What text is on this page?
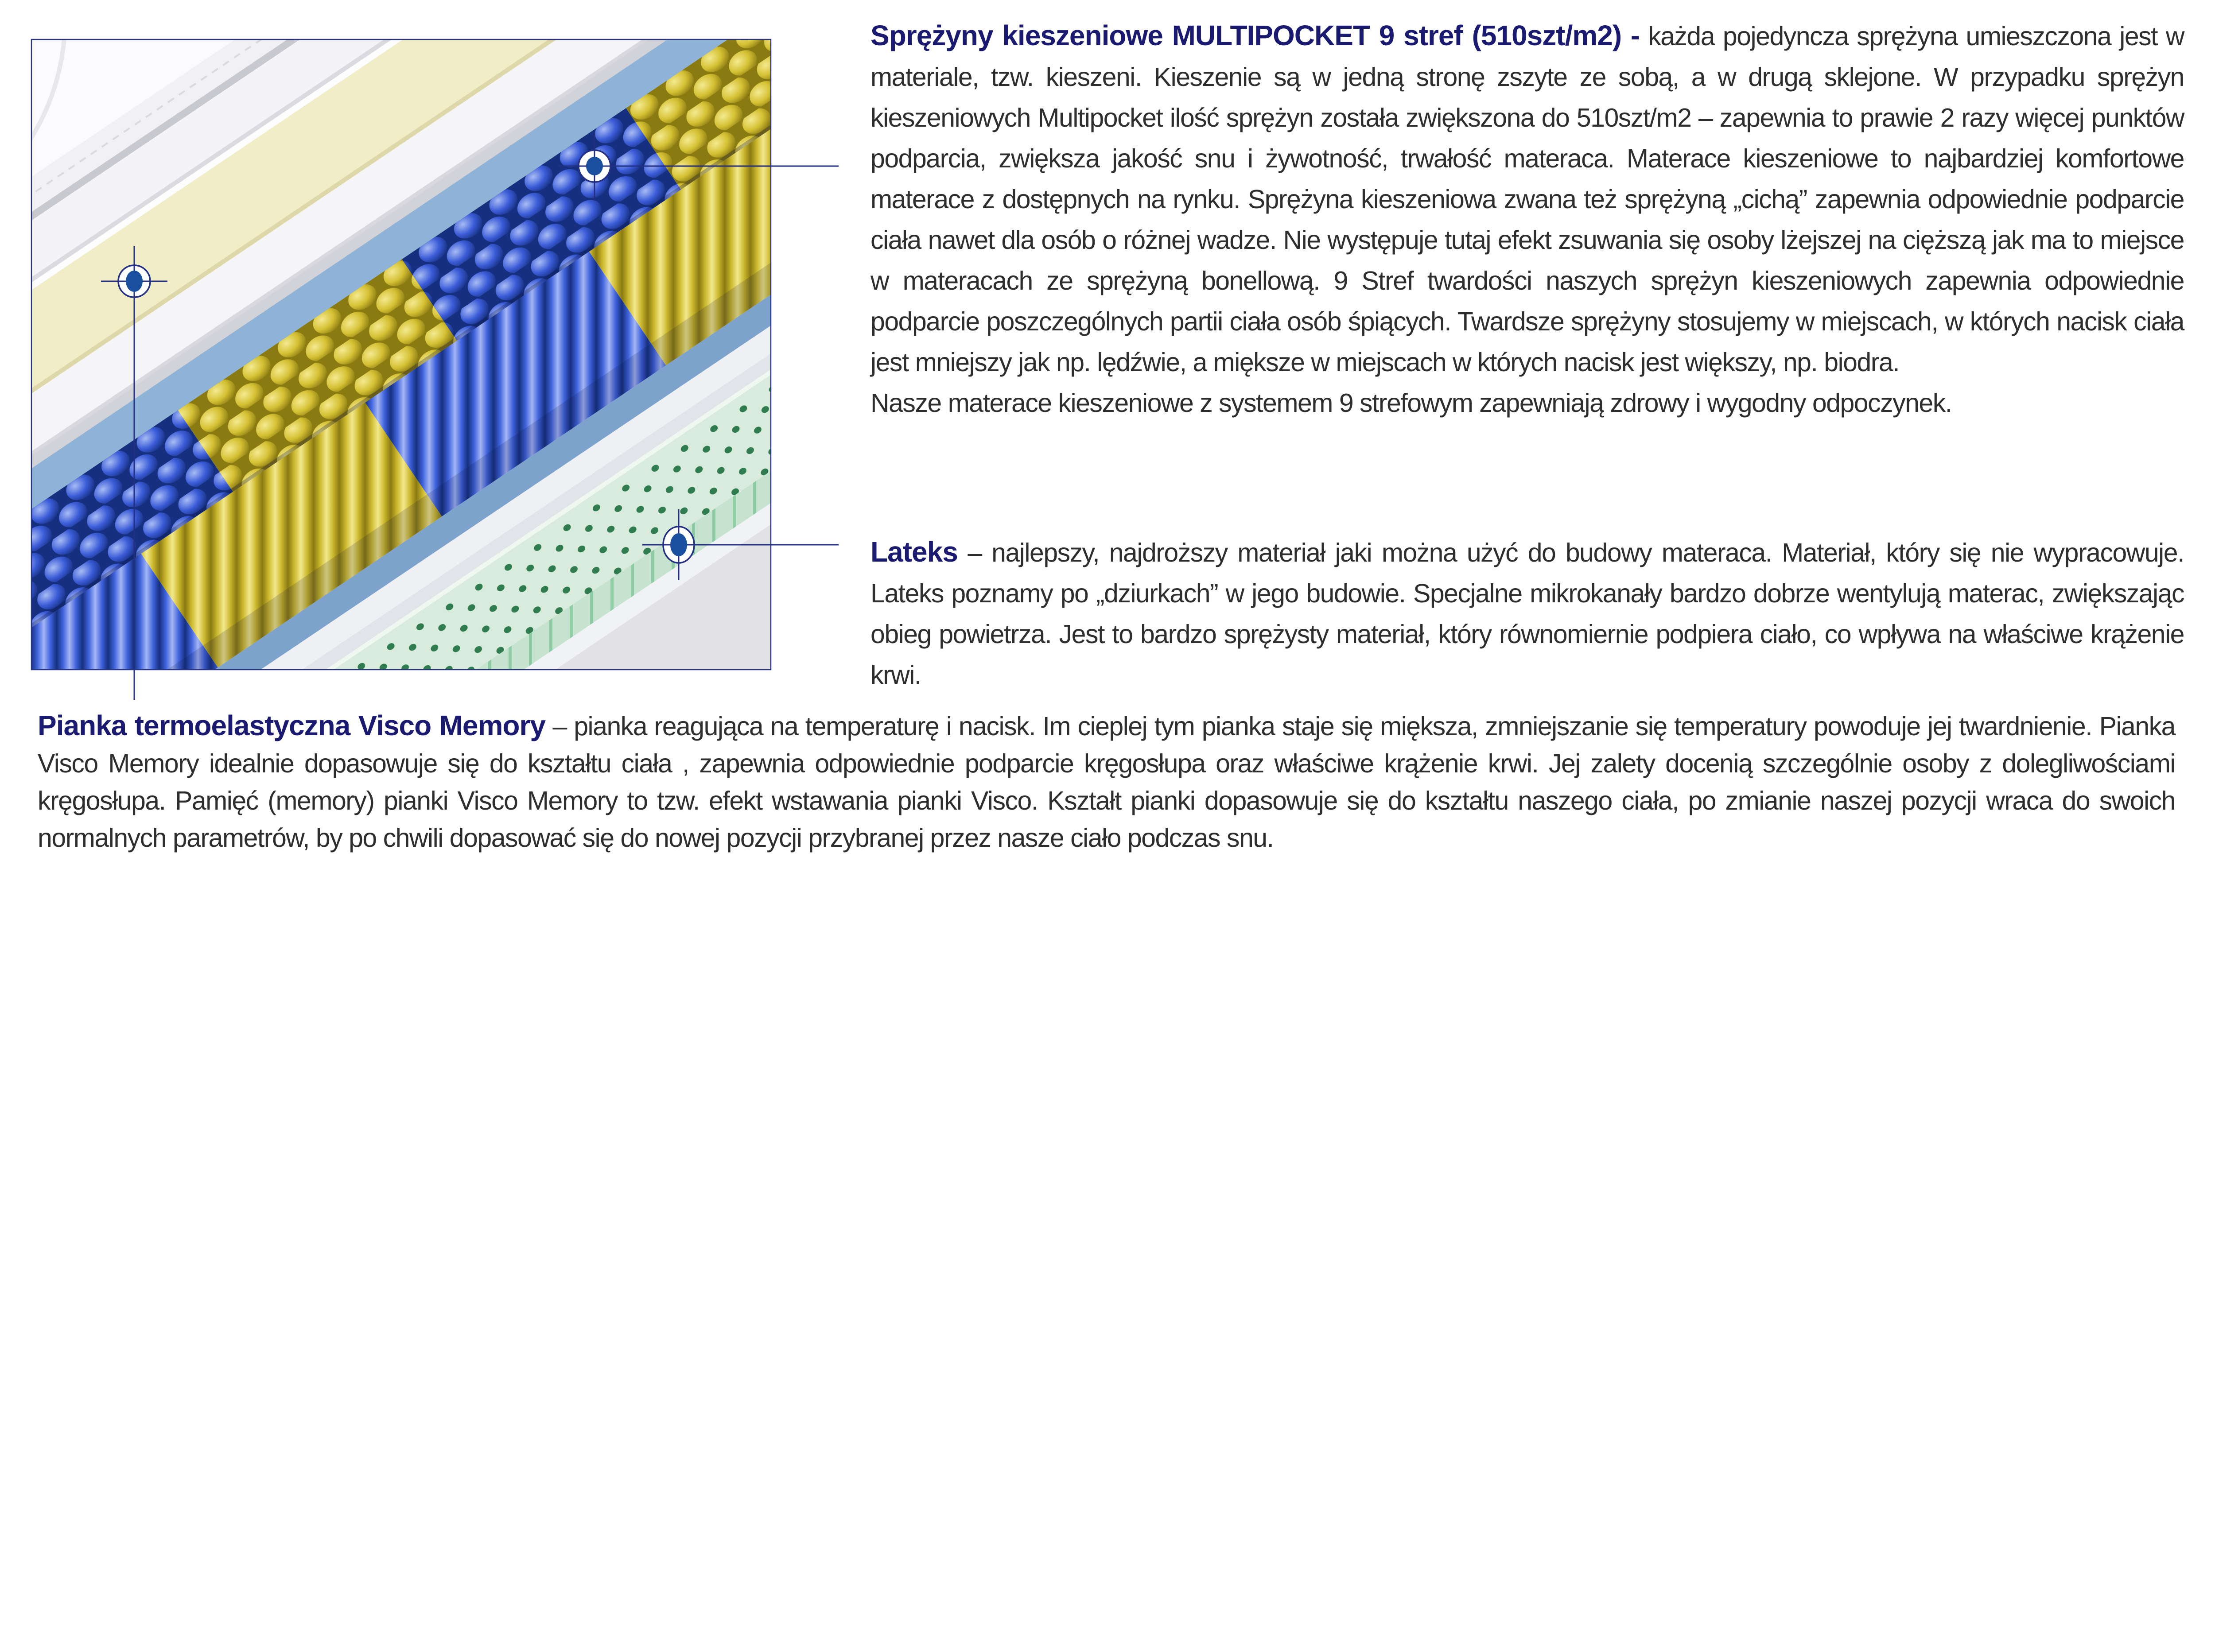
Sprężyny kieszeniowe MULTIPOCKET 9 stref (510szt/m2) - każda pojedyncza sprężyna umieszczona jest w materiale, tzw. kieszeni. Kieszenie są w jedną stronę zszyte ze sobą, a w drugą sklejone. W przypadku sprężyn kieszeniowych Multipocket ilość sprężyn została zwiększona do 510szt/m2 – zapewnia to prawie 2 razy więcej punktów podparcia, zwiększa jakość snu i żywotność, trwałość materaca. Materace kieszeniowe to najbardziej komfortowe materace z dostępnych na rynku. Sprężyna kieszeniowa zwana też sprężyną „cichą” zapewnia odpowiednie podparcie ciała nawet dla osób o różnej wadze. Nie występuje tutaj efekt zsuwania się osoby lżejszej na cięższą jak ma to miejsce w materacach ze sprężyną bonellową. 9 Stref twardości naszych sprężyn kieszeniowych zapewnia odpowiednie podparcie poszczególnych partii ciała osób śpiących. Twardsze sprężyny stosujemy w miejscach, w których nacisk ciała jest mniejszy jak np. lędźwie, a miększe w miejscach w których nacisk jest większy, np. biodra.

Nasze materace kieszeniowe z systemem 9 strefowym zapewniają zdrowy i wygodny odpoczynek.

Lateks – najlepszy, najdroższy materiał jaki można użyć do budowy materaca. Materiał, który się nie wypracowuje. Lateks poznamy po „dziurkach” w jego budowie. Specjalne mikrokanały bardzo dobrze wentylują materac, zwiększając obieg powietrza. Jest to bardzo sprężysty materiał, który równomiernie podpiera ciało, co wpływa na właściwe krążenie krwi.

Pianka termoelastyczna Visco Memory – pianka reagująca na temperaturę i nacisk. Im cieplej tym pianka staje się miększa, zmniejszanie się temperatury powoduje jej twardnienie. Pianka Visco Memory idealnie dopasowuje się do kształtu ciała , zapewnia odpowiednie podparcie kręgosłupa oraz właściwe krążenie krwi. Jej zalety docenią szczególnie osoby z dolegliwościami kręgosłupa. Pamięć (memory) pianki Visco Memory to tzw. efekt wstawania pianki Visco. Kształt pianki dopasowuje się do kształtu naszego ciała, po zmianie naszej pozycji wraca do swoich normalnych parametrów, by po chwili dopasować się do nowej pozycji przybranej przez nasze ciało podczas snu.
